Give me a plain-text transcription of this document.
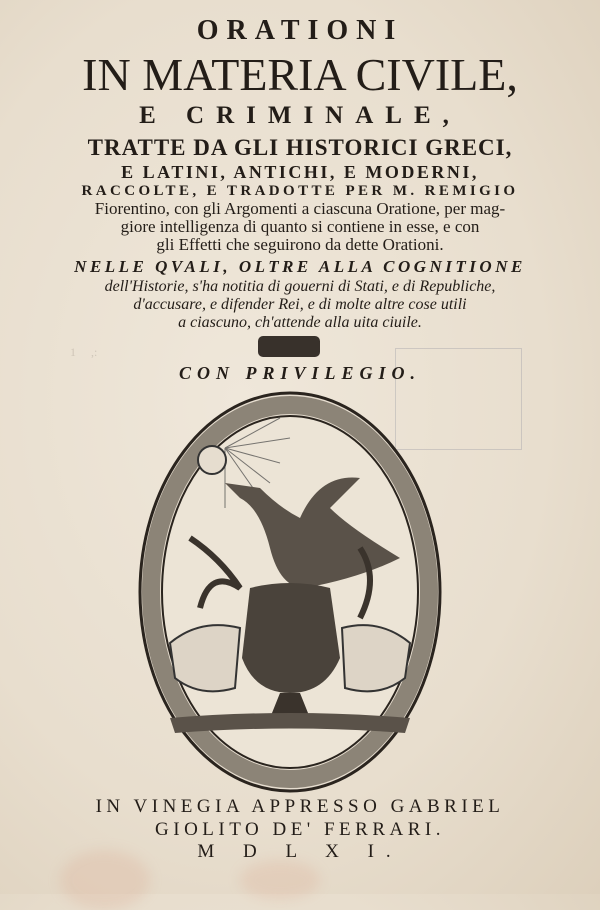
1     ,:
ORATIONI
IN MATERIA CIVILE,
E CRIMINALE,
TRATTE DA GLI HISTORICI GRECI,
E LATINI, ANTICHI, E MODERNI,
RACCOLTE, E TRADOTTE PER M. REMIGIO
Fiorentino, con gli Argomenti a ciascuna Oratione, per mag-
giore intelligenza di quanto si contiene in esse, e con
gli Effetti che seguirono da dette Orationi.
NELLE QVALI, OLTRE ALLA COGNITIONE
dell'Historie, s'ha notitia di gouerni di Stati, e di Republiche,
d'accusare, e difender Rei, e di molte altre cose utili
a ciascuno, ch'attende alla uita ciuile.
CON PRIVILEGIO.
IN VINEGIA APPRESSO GABRIEL
GIOLITO DE' FERRARI.
M D L X I.
